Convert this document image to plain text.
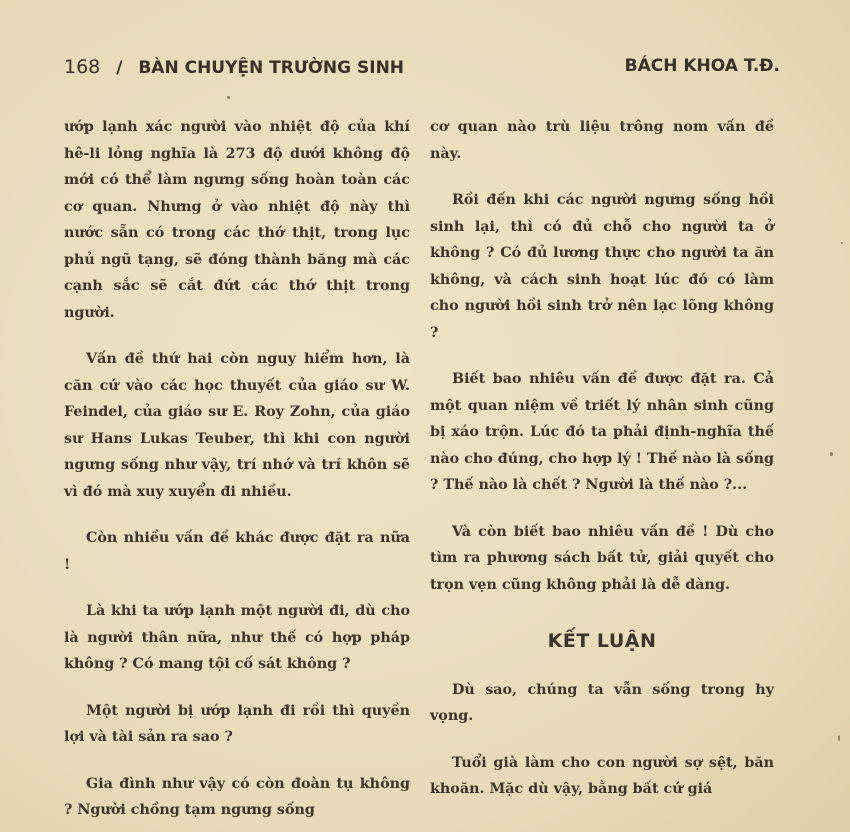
168 / BÀN CHUYỆN TRƯỜNG SINH	BÁCH KHOA T.Đ.

ướp lạnh xác người vào nhiệt độ của khí hê-li lỏng nghĩa là 273 độ dưới không độ mới có thể làm ngưng sống hoàn toàn các cơ quan. Nhưng ở vào nhiệt độ này thì nước sẵn có trong các thớ thịt, trong lục phủ ngũ tạng, sẽ đóng thành băng mà các cạnh sắc sẽ cắt đứt các thớ thịt trong người.

Vấn đề thứ hai còn nguy hiểm hơn, là căn cứ vào các học thuyết của giáo sư W. Feindel, của giáo sư E. Roy Zohn, của giáo sư Hans Lukas Teuber, thì khi con người ngưng sống như vậy, trí nhớ và trí khôn sẽ vì đó mà xuy xuyển đi nhiều.

Còn nhiều vấn đề khác được đặt ra nữa !

Là khi ta ướp lạnh một người đi, dù cho là người thân nữa, như thế có hợp pháp không ? Có mang tội cố sát không ?

Một người bị ướp lạnh đi rồi thì quyền lợi và tài sản ra sao ?

Gia đình như vậy có còn đoàn tụ không ? Người chồng tạm ngưng sống

cơ quan nào trù liệu trông nom vấn đề này.

Rồi đến khi các người ngưng sống hồi sinh lại, thì có đủ chỗ cho người ta ở không ? Có đủ lương thực cho người ta ăn không, và cách sinh hoạt lúc đó có làm cho người hồi sinh trở nên lạc lõng không ?

Biết bao nhiêu vấn đề được đặt ra. Cả một quan niệm về triết lý nhân sinh cũng bị xáo trộn. Lúc đó ta phải định-nghĩa thế nào cho đúng, cho hợp lý ! Thế nào là sống ? Thế nào là chết ? Người là thế nào ?...

Và còn biết bao nhiêu vấn đề ! Dù cho tìm ra phương sách bất tử, giải quyết cho trọn vẹn cũng không phải là dễ dàng.

KẾT LUẬN

Dù sao, chúng ta vẫn sống trong hy vọng.

Tuổi già làm cho con người sợ sệt, băn khoăn. Mặc dù vậy, bằng bất cứ giá
